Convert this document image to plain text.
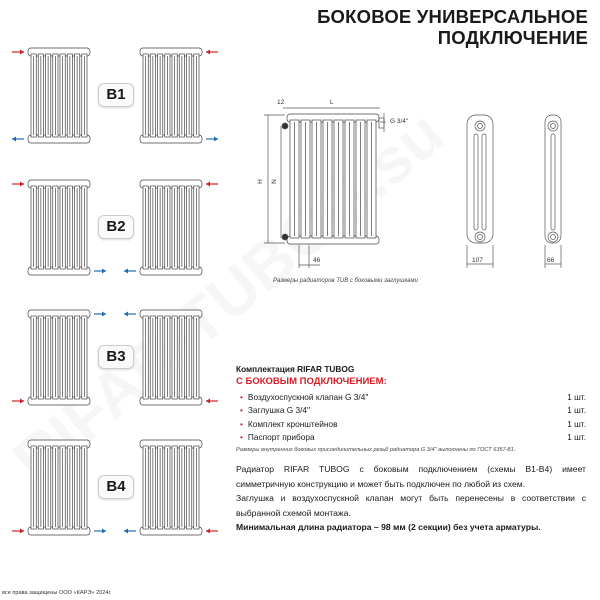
БОКОВОЕ УНИВЕРСАЛЬНОЕ
ПОДКЛЮЧЕНИЕ
B1
B2
B3
B4
12	L
H N
G 3/4''
46	107	66
Размеры радиаторов TUB с боковыми заглушками
Комплектация RIFAR TUBOG
С БОКОВЫМ ПОДКЛЮЧЕНИЕМ:
• Воздухоспускной клапан G 3/4''	1 шт.
• Заглушка G 3/4''	1 шт.
• Комплект кронштейнов	1 шт.
• Паспорт прибора	1 шт.
Размеры внутренних боковых присоединительных резьб радиатора G 3/4'' выполнены по ГОСТ 6357-81.
Радиатор RIFAR TUBOG с боковым подключением (схемы B1-B4) имеет симметричную конструкцию и может быть подключен по любой из схем.
Заглушка и воздухоспускной клапан могут быть перенесены в соответствии с выбранной схемой монтажа.
Минимальная длина радиатора – 98 мм (2 секции) без учета арматуры.
все права защищены ООО «КАРЭ» 2024г.
